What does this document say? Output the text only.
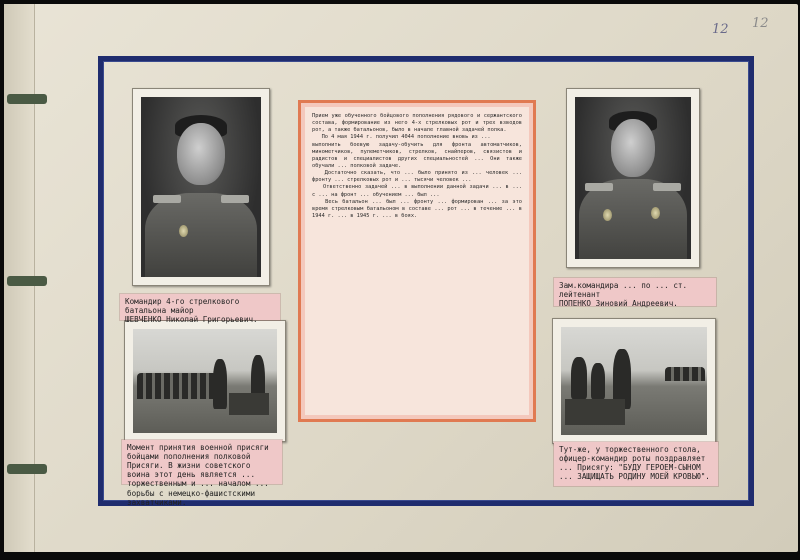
12 12
Командир 4-го стрелкового батальона майор
ШЕВЧЕНКО Николай Григорьевич.
Зам.командира ... по ... ст. лейтенант
ПОПЕНКО Зиновий Андреевич.
Момент принятия военной присяги бойцами пополнения полковой Присяги. В жизни советского воина этот день является ... торжественным и ... началом ... борьбы с немецко-фашистскими захватчиками.
Тут-же, у торжественного стола, офицер-командир роты поздравляет ... Присягу: "БУДУ ГЕРОЕМ-СЫНОМ ... ЗАЩИЩАТЬ РОДИНУ МОЕЙ КРОВЬЮ".
Прием уже обученного бойцового пополнения рядового и сержантского состава, формирование из него 4-х стрелковых рот и трех взводов рот, а также батальонов, было в начале главной задачей полка.
По 4 мая 1944 г. получил 4044 пополнение вновь из ...
выполнить боевую задачу-обучить для фронта автоматчиков, минометчиков, пулеметчиков, стрелков, снайперов, связистов и радистов и специалистов других специальностей ... Они также обучали ... полковой задаче.
Достаточно сказать, что ... было принято из ... человек ... фронту ... стрелковых рот и ... тысячи человек ...
Ответственно задачей ... в выполнении данной задачи ... в ... с ... на фронт ... обучением ... был ...
Весь батальон ... был ... фронту ... формирован ... за это время стрелковым батальоном в составе ... рот ... в течение ... в 1944 г. ... в 1945 г. ... в боях.
